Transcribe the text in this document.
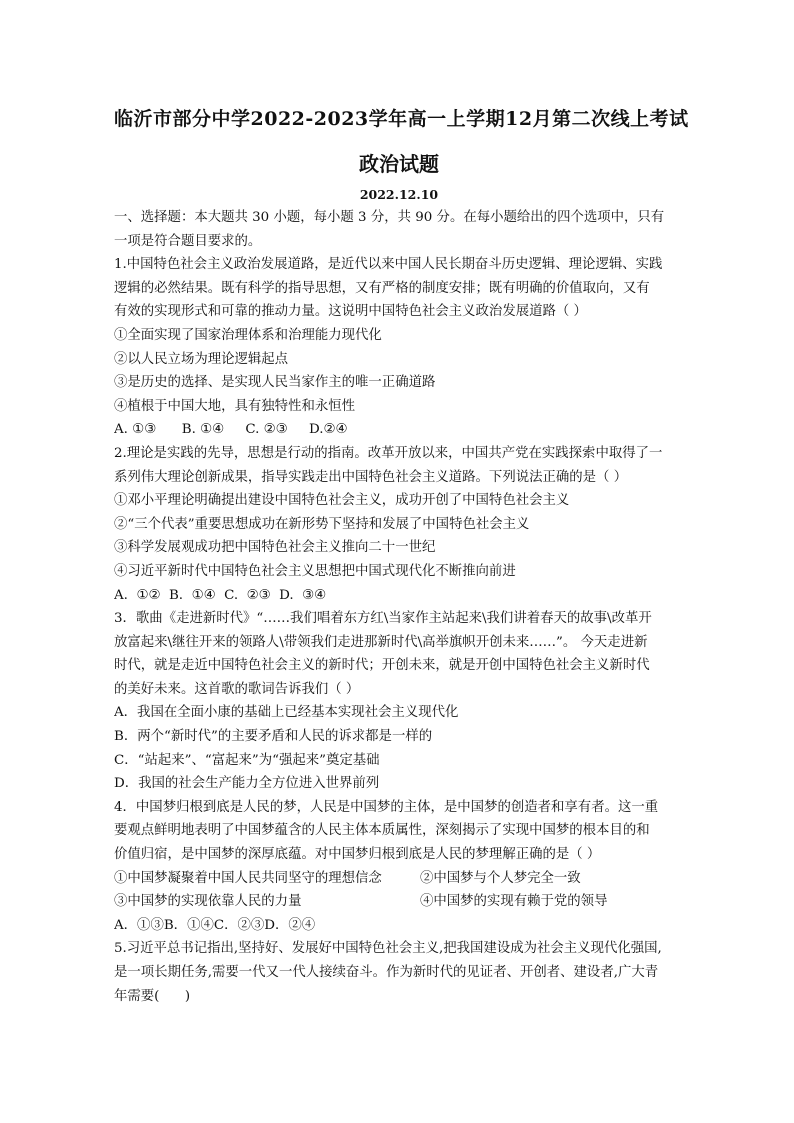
临沂市部分中学2022-2023学年高一上学期12月第二次线上考试
政治试题
2022.12.10
一、选择题：本大题共 30 小题，每小题 3 分，共 90 分。在每小题给出的四个选项中，只有
一项是符合题目要求的。
1.中国特色社会主义政治发展道路，是近代以来中国人民长期奋斗历史逻辑、理论逻辑、实践
逻辑的必然结果。既有科学的指导思想，又有严格的制度安排；既有明确的价值取向，又有
有效的实现形式和可靠的推动力量。这说明中国特色社会主义政治发展道路（ ）
①全面实现了国家治理体系和治理能力现代化
②以人民立场为理论逻辑起点
③是历史的选择、是实现人民当家作主的唯一正确道路
④植根于中国大地，具有独特性和永恒性
A. ①③      B. ①④     C. ②③     D.②④
2.理论是实践的先导，思想是行动的指南。改革开放以来，中国共产党在实践探索中取得了一
系列伟大理论创新成果，指导实践走出中国特色社会主义道路。下列说法正确的是（ ）
①邓小平理论明确提出建设中国特色社会主义，成功开创了中国特色社会主义
②“三个代表”重要思想成功在新形势下坚持和发展了中国特色社会主义
③科学发展观成功把中国特色社会主义推向二十一世纪
④习近平新时代中国特色社会主义思想把中国式现代化不断推向前进
A.  ①②  B.  ①④  C.  ②③  D.  ③④
3．歌曲《走进新时代》“……我们唱着东方红\当家作主站起来\我们讲着春天的故事\改革开
放富起来\继往开来的领路人\带领我们走进那新时代\高举旗帜开创未来……”。 今天走进新
时代，就是走近中国特色社会主义的新时代；开创未来，就是开创中国特色社会主义新时代
的美好未来。这首歌的歌词告诉我们（ ）
A．我国在全面小康的基础上已经基本实现社会主义现代化
B．两个“新时代”的主要矛盾和人民的诉求都是一样的
C．“站起来”、“富起来”为“强起来”奠定基础
D．我国的社会生产能力全方位进入世界前列
4．中国梦归根到底是人民的梦，人民是中国梦的主体，是中国梦的创造者和享有者。这一重
要观点鲜明地表明了中国梦蕴含的人民主体本质属性，深刻揭示了实现中国梦的根本目的和
价值归宿，是中国梦的深厚底蕴。对中国梦归根到底是人民的梦理解正确的是（ ）
①中国梦凝聚着中国人民共同坚守的理想信念	②中国梦与个人梦完全一致
③中国梦的实现依靠人民的力量	④中国梦的实现有赖于党的领导
A．①③B．①④C．②③D．②④
5.习近平总书记指出,坚持好、发展好中国特色社会主义,把我国建设成为社会主义现代化强国,
是一项长期任务,需要一代又一代人接续奋斗。作为新时代的见证者、开创者、建设者,广大青
年需要(      )
